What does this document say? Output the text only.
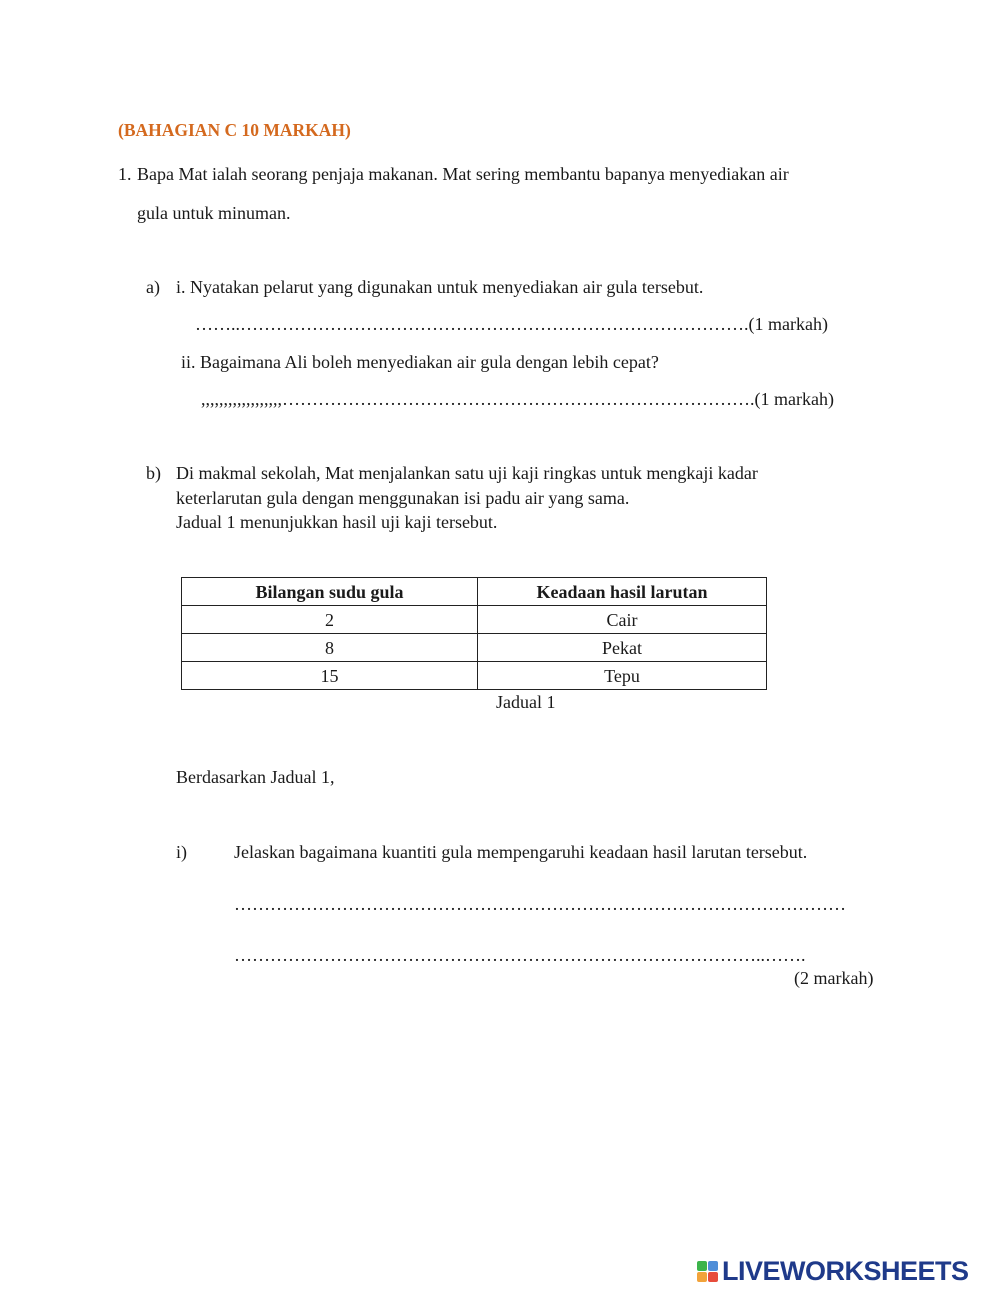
(BAHAGIAN C 10 MARKAH)
1. Bapa Mat ialah seorang penjaja makanan. Mat sering membantu bapanya menyediakan air
gula untuk minuman.
a) i. Nyatakan pelarut yang digunakan untuk menyediakan air gula tersebut.
……..………………………………………………………………………….(1 markah)
ii. Bagaimana Ali boleh menyediakan air gula dengan lebih cepat?
,,,,,,,,,,,,,,,,,,…………………………………………………………………….(1 markah)
b) Di makmal sekolah, Mat menjalankan satu uji kaji ringkas untuk mengkaji kadar
keterlarutan gula dengan menggunakan isi padu air yang sama.
Jadual 1 menunjukkan hasil uji kaji tersebut.
Bilangan sudu gula	Keadaan hasil larutan
2	Cair
8	Pekat
15	Tepu
Jadual 1
Berdasarkan Jadual 1,
i)	Jelaskan bagaimana kuantiti gula mempengaruhi keadaan hasil larutan tersebut.
…………………………………………………………………………………………
……………………………………………………………………………..…….
(2 markah)
LIVEWORKSHEETS
